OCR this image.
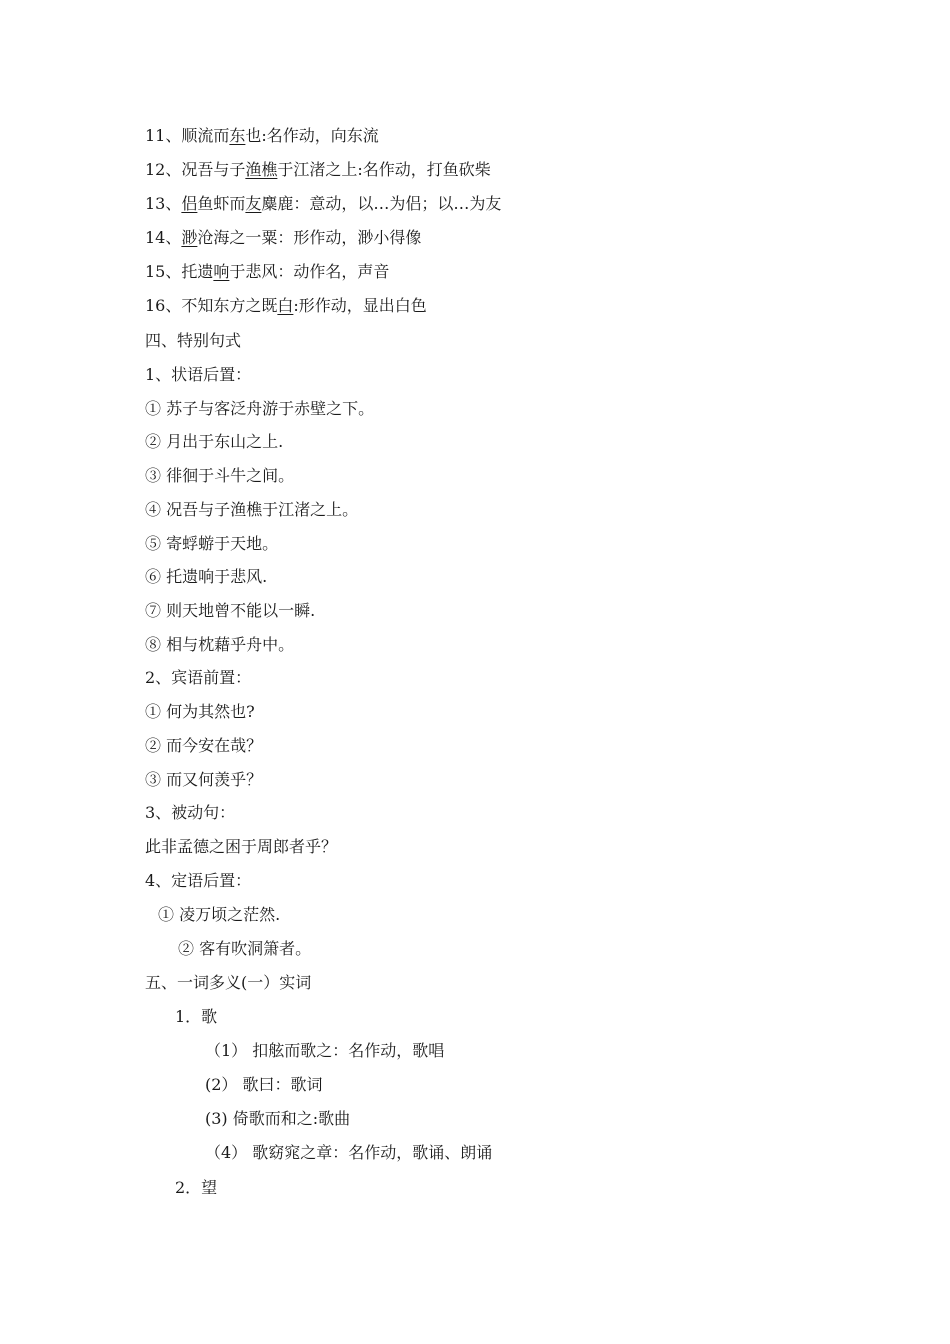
11、顺流而东也:名作动，向东流
12、况吾与子渔樵于江渚之上:名作动，打鱼砍柴
13、侣鱼虾而友麋鹿：意动，以…为侣；以…为友
14、渺沧海之一粟：形作动，渺小得像
15、托遗响于悲风：动作名，声音
16、不知东方之既白:形作动，显出白色
四、特别句式
1、状语后置：
① 苏子与客泛舟游于赤壁之下。
② 月出于东山之上.
③ 徘徊于斗牛之间。
④ 况吾与子渔樵于江渚之上。
⑤ 寄蜉蝣于天地。
⑥ 托遗响于悲风.
⑦ 则天地曾不能以一瞬.
⑧ 相与枕藉乎舟中。
2、宾语前置：
① 何为其然也?
② 而今安在哉？
③ 而又何羡乎？
3、被动句：
此非孟德之困于周郎者乎？
4、定语后置：
① 凌万顷之茫然.
② 客有吹洞箫者。
五、一词多义(一）实词
1．歌
（1） 扣舷而歌之：名作动，歌唱
(2） 歌曰：歌词
(3) 倚歌而和之:歌曲
（4） 歌窈窕之章：名作动，歌诵、朗诵
2．望
